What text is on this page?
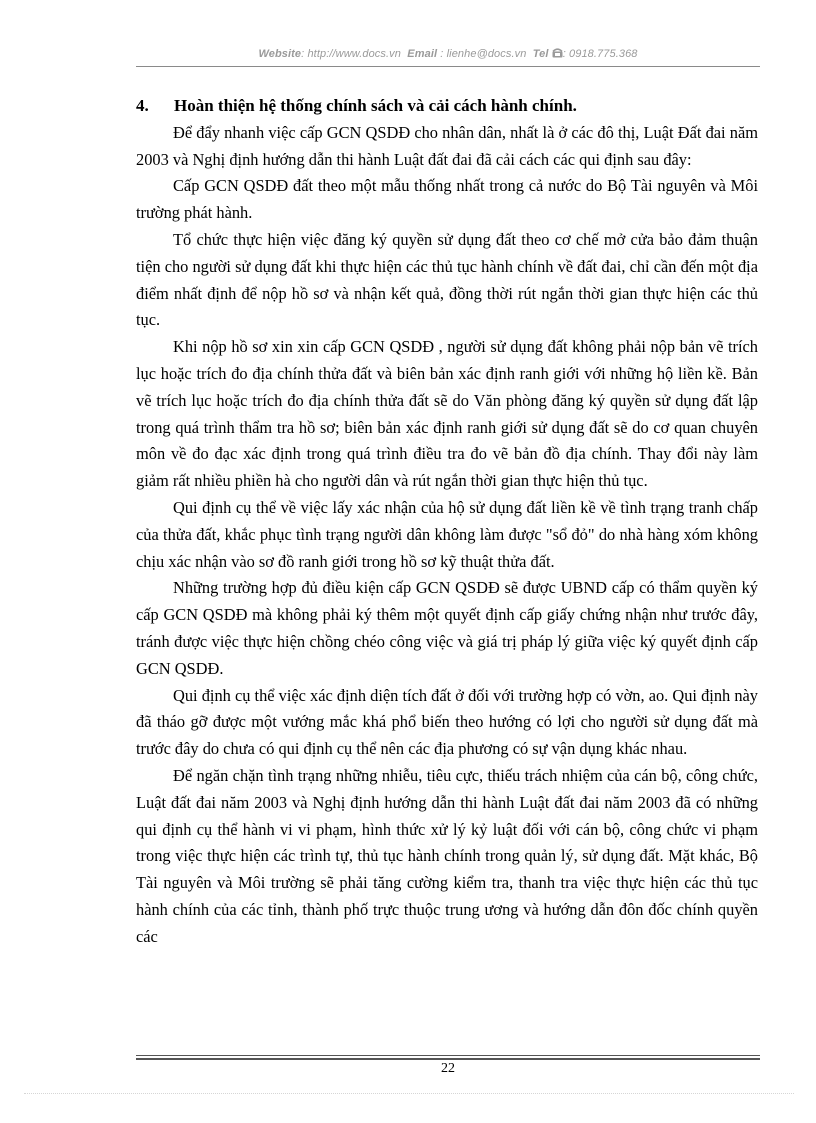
Website: http://www.docs.vn Email : lienhe@docs.vn Tel : 0918.775.368

4. Hoàn thiện hệ thống chính sách và cải cách hành chính.

Để đẩy nhanh việc cấp GCN QSDĐ cho nhân dân, nhất là ở các đô thị, Luật Đất đai năm 2003 và Nghị định hướng dẫn thi hành Luật đất đai đã cải cách các qui định sau đây:

Cấp GCN QSDĐ đất theo một mẫu thống nhất trong cả nước do Bộ Tài nguyên và Môi trường phát hành.

Tổ chức thực hiện việc đăng ký quyền sử dụng đất theo cơ chế mở cửa bảo đảm thuận tiện cho người sử dụng đất khi thực hiện các thủ tục hành chính về đất đai, chỉ cần đến một địa điểm nhất định để nộp hồ sơ và nhận kết quả, đồng thời rút ngắn thời gian thực hiện các thủ tục.

Khi nộp hồ sơ xin xin cấp GCN QSDĐ , người sử dụng đất không phải nộp bản vẽ trích lục hoặc trích đo địa chính thửa đất và biên bản xác định ranh giới với những hộ liền kề. Bản vẽ trích lục hoặc trích đo địa chính thửa đất sẽ do Văn phòng đăng ký quyền sử dụng đất lập trong quá trình thẩm tra hồ sơ; biên bản xác định ranh giới sử dụng đất sẽ do cơ quan chuyên môn về đo đạc xác định trong quá trình điều tra đo vẽ bản đồ địa chính. Thay đổi này làm giảm rất nhiều phiền hà cho người dân và rút ngắn thời gian thực hiện thủ tục.

Qui định cụ thể về việc lấy xác nhận của hộ sử dụng đất liền kề về tình trạng tranh chấp của thửa đất, khắc phục tình trạng người dân không làm được "sổ đỏ" do nhà hàng xóm không chịu xác nhận vào sơ đồ ranh giới trong hồ sơ kỹ thuật thửa đất.

Những trường hợp đủ điều kiện cấp GCN QSDĐ sẽ được UBND cấp có thẩm quyền ký cấp GCN QSDĐ mà không phải ký thêm một quyết định cấp giấy chứng nhận như trước đây, tránh được việc thực hiện chồng chéo công việc và giá trị pháp lý giữa việc ký quyết định cấp GCN QSDĐ.

Qui định cụ thể việc xác định diện tích đất ở đối với trường hợp có vờn, ao. Qui định này đã tháo gỡ được một vướng mắc khá phổ biến theo hướng có lợi cho người sử dụng đất mà trước đây do chưa có qui định cụ thể nên các địa phương có sự vận dụng khác nhau.

Để ngăn chặn tình trạng những nhiễu, tiêu cực, thiếu trách nhiệm của cán bộ, công chức, Luật đất đai năm 2003 và Nghị định hướng dẫn thi hành Luật đất đai năm 2003 đã có những qui định cụ thể hành vi vi phạm, hình thức xử lý kỷ luật đối với cán bộ, công chức vi phạm trong việc thực hiện các trình tự, thủ tục hành chính trong quản lý, sử dụng đất. Mặt khác, Bộ Tài nguyên và Môi trường sẽ phải tăng cường kiểm tra, thanh tra việc thực hiện các thủ tục hành chính của các tỉnh, thành phố trực thuộc trung ương và hướng dẫn đôn đốc chính quyền các

22
